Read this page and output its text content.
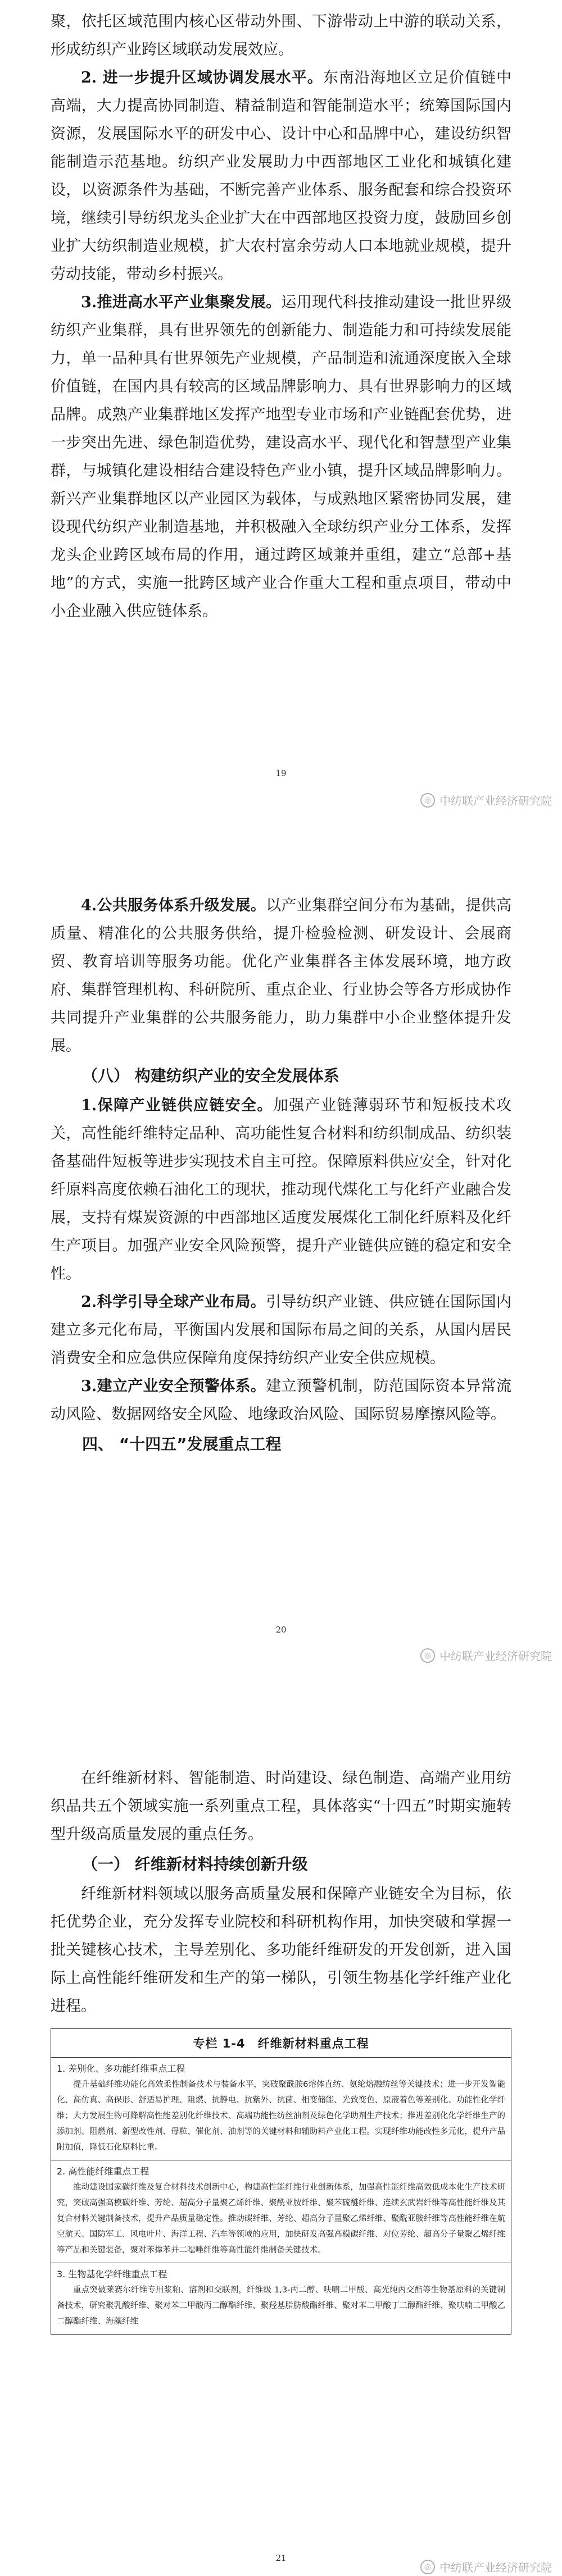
聚，依托区域范围内核心区带动外围、下游带动上中游的联动关系，形成纺织产业跨区域联动发展效应。

2. 进一步提升区域协调发展水平。东南沿海地区立足价值链中高端，大力提高协同制造、精益制造和智能制造水平；统筹国际国内资源，发展国际水平的研发中心、设计中心和品牌中心，建设纺织智能制造示范基地。纺织产业发展助力中西部地区工业化和城镇化建设，以资源条件为基础，不断完善产业体系、服务配套和综合投资环境，继续引导纺织龙头企业扩大在中西部地区投资力度，鼓励回乡创业扩大纺织制造业规模，扩大农村富余劳动人口本地就业规模，提升劳动技能，带动乡村振兴。

3.推进高水平产业集聚发展。运用现代科技推动建设一批世界级纺织产业集群，具有世界领先的创新能力、制造能力和可持续发展能力，单一品种具有世界领先产业规模，产品制造和流通深度嵌入全球价值链，在国内具有较高的区域品牌影响力、具有世界影响力的区域品牌。成熟产业集群地区发挥产地型专业市场和产业链配套优势，进一步突出先进、绿色制造优势，建设高水平、现代化和智慧型产业集群，与城镇化建设相结合建设特色产业小镇，提升区域品牌影响力。新兴产业集群地区以产业园区为载体，与成熟地区紧密协同发展，建设现代纺织产业制造基地，并积极融入全球纺织产业分工体系，发挥龙头企业跨区域布局的作用，通过跨区域兼并重组，建立“总部+基地”的方式，实施一批跨区域产业合作重大工程和重点项目，带动中小企业融入供应链体系。

19
◎ 中纺联产业经济研究院

4.公共服务体系升级发展。以产业集群空间分布为基础，提供高质量、精准化的公共服务供给，提升检验检测、研发设计、会展商贸、教育培训等服务功能。优化产业集群各主体发展环境，地方政府、集群管理机构、科研院所、重点企业、行业协会等各方形成协作共同提升产业集群的公共服务能力，助力集群中小企业整体提升发展。

（八） 构建纺织产业的安全发展体系

1.保障产业链供应链安全。加强产业链薄弱环节和短板技术攻关，高性能纤维特定品种、高功能性复合材料和纺织制成品、纺织装备基础件短板等进步实现技术自主可控。保障原料供应安全，针对化纤原料高度依赖石油化工的现状，推动现代煤化工与化纤产业融合发展，支持有煤炭资源的中西部地区适度发展煤化工制化纤原料及化纤生产项目。加强产业安全风险预警，提升产业链供应链的稳定和安全性。

2.科学引导全球产业布局。引导纺织产业链、供应链在国际国内建立多元化布局，平衡国内发展和国际布局之间的关系，从国内居民消费安全和应急供应保障角度保持纺织产业安全供应规模。

3.建立产业安全预警体系。建立预警机制，防范国际资本异常流动风险、数据网络安全风险、地缘政治风险、国际贸易摩擦风险等。

四、 “十四五”发展重点工程
20
◎ 中纺联产业经济研究院

在纤维新材料、智能制造、时尚建设、绿色制造、高端产业用纺织品共五个领域实施一系列重点工程，具体落实“十四五”时期实施转型升级高质量发展的重点任务。

（一） 纤维新材料持续创新升级

纤维新材料领域以服务高质量发展和保障产业链安全为目标，依托优势企业，充分发挥专业院校和科研机构作用，加快突破和掌握一批关键核心技术，主导差别化、多功能纤维研发的开发创新，进入国际上高性能纤维研发和生产的第一梯队，引领生物基化学纤维产业化进程。

专栏 1-4　纤维新材料重点工程
1. 差别化、多功能纤维重点工程
提升基础纤维功能化高效柔性制备技术与装备水平，突破聚酰胺6熔体直纺、氨纶熔融纺丝等关键技术；进一步开发智能化、高仿真、高保形、舒适易护理、阻燃、抗静电、抗紫外、抗菌、相变储能、光致变色、原液着色等差别化、功能性化学纤维；大力发展生物可降解高性能差别化纤维技术、高端功能性纺丝油剂及绿色化学助剂生产技术；推进差别化化学纤维生产的添加剂、阻燃剂、新型改性剂、母粒、催化剂、油剂等的关键材料和辅助料产业化工程。实现纤维功能改性多元化，提升产品附加值，降低石化原料比重。
2. 高性能纤维重点工程
推动建设国家碳纤维及复合材料技术创新中心，构建高性能纤维行业创新体系，加强高性能纤维高效低成本化生产技术研究，突破高强高模碳纤维、芳纶、超高分子量聚乙烯纤维、聚酰亚胺纤维、聚苯硫醚纤维、连续玄武岩纤维等高性能纤维及其复合材料关键制备技术，提升产品质量稳定性。推动碳纤维、芳纶、超高分子量聚乙烯纤维、聚酰亚胺纤维等高性能纤维在航空航天、国防军工、风电叶片、海洋工程、汽车等领域的应用，加快研发高强高模碳纤维、对位芳纶、超高分子量聚乙烯纤维等产品和关键装备，聚对苯撑苯并二噁唑纤维等高性能纤维制备关键技术。
3. 生物基化学纤维重点工程
重点突破莱赛尔纤维专用浆粕、溶剂和交联剂，纤维级 1,3-丙二醇、呋喃二甲酸、高光纯丙交酯等生物基原料的关键制备技术，研究聚乳酸纤维、聚对苯二甲酸丙二醇酯纤维、聚羟基脂肪酸酯纤维、聚对苯二甲酸丁二醇酯纤维、聚呋喃二甲酸乙二醇酯纤维、海藻纤维
21
◎ 中纺联产业经济研究院
